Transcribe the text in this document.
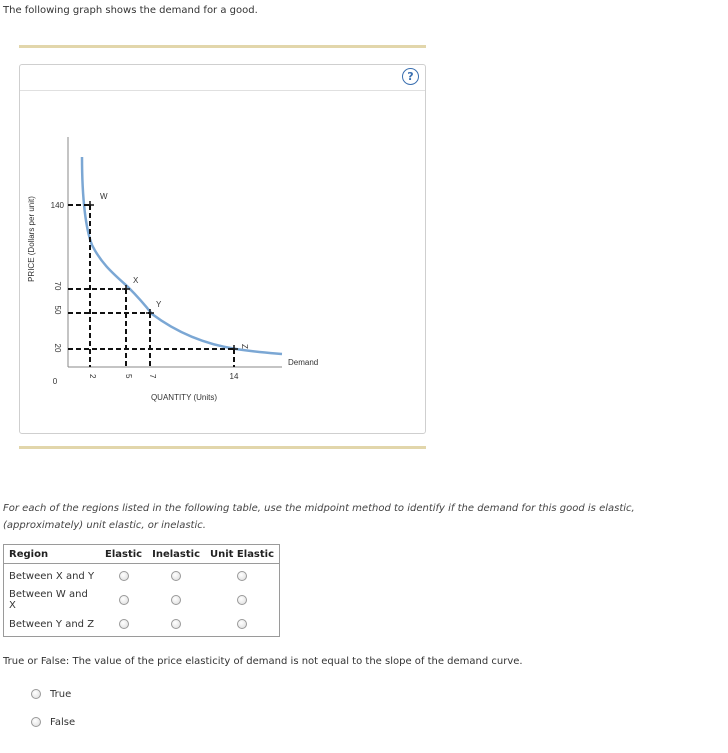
The following graph shows the demand for a good.
?
PRICE (Dollars per unit)
QUANTITY (Units)
0
Demand
W
140
2
X
70
5
Y
50
7
Z
20
14
For each of the regions listed in the following table, use the midpoint method to identify if the demand for this good is elastic, (approximately) unit elastic, or inelastic.
Region	Elastic	Inelastic	Unit Elastic
Between X and Y			
Between W and X			
Between Y and Z			
True or False: The value of the price elasticity of demand is not equal to the slope of the demand curve.
True
False
